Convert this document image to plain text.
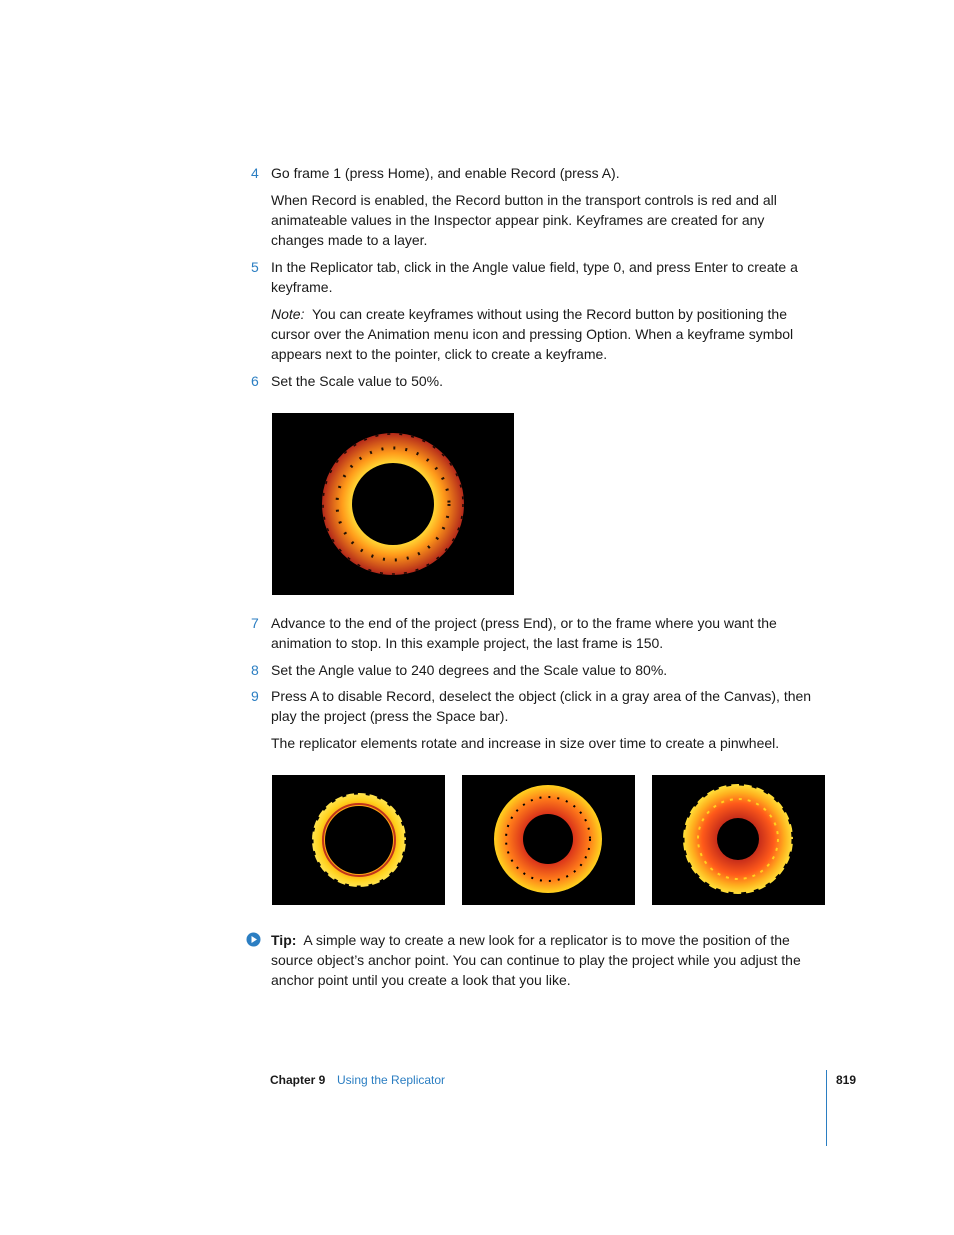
4 Go frame 1 (press Home), and enable Record (press A).
When Record is enabled, the Record button in the transport controls is red and all animateable values in the Inspector appear pink. Keyframes are created for any changes made to a layer.
5 In the Replicator tab, click in the Angle value field, type 0, and press Enter to create a keyframe.
Note: You can create keyframes without using the Record button by positioning the cursor over the Animation menu icon and pressing Option. When a keyframe symbol appears next to the pointer, click to create a keyframe.
6 Set the Scale value to 50%.
7 Advance to the end of the project (press End), or to the frame where you want the animation to stop. In this example project, the last frame is 150.
8 Set the Angle value to 240 degrees and the Scale value to 80%.
9 Press A to disable Record, deselect the object (click in a gray area of the Canvas), then play the project (press the Space bar).
The replicator elements rotate and increase in size over time to create a pinwheel.
Tip: A simple way to create a new look for a replicator is to move the position of the source object’s anchor point. You can continue to play the project while you adjust the anchor point until you create a look that you like.
Chapter 9 Using the Replicator	819
